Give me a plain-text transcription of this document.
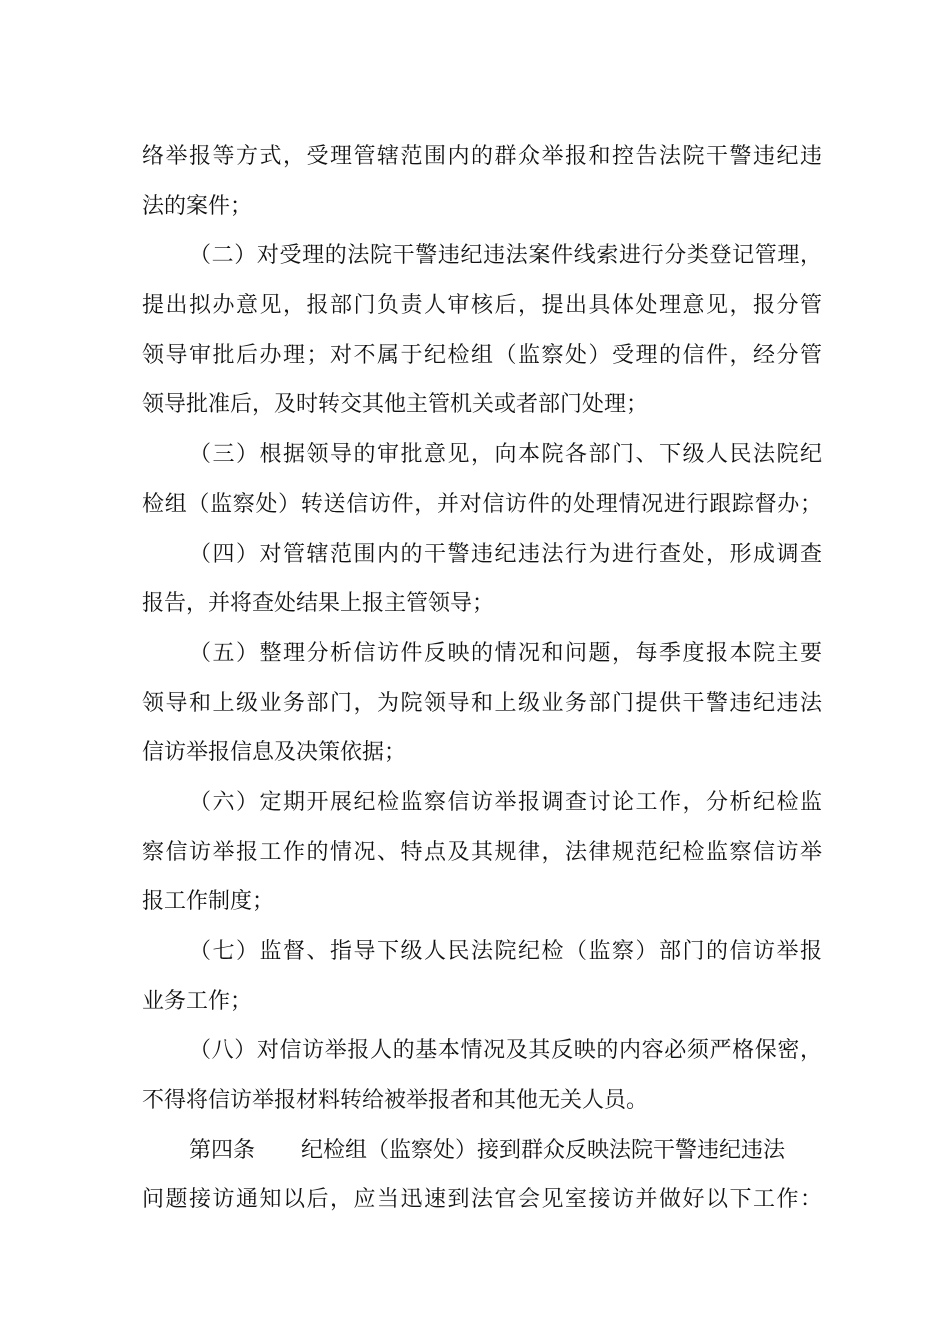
络举报等方式，受理管辖范围内的群众举报和控告法院干警违纪违
法的案件；
（二）对受理的法院干警违纪违法案件线索进行分类登记管理，
提出拟办意见，报部门负责人审核后，提出具体处理意见，报分管
领导审批后办理；对不属于纪检组（监察处）受理的信件，经分管
领导批准后，及时转交其他主管机关或者部门处理；
（三）根据领导的审批意见，向本院各部门、下级人民法院纪
检组（监察处）转送信访件，并对信访件的处理情况进行跟踪督办；
（四）对管辖范围内的干警违纪违法行为进行查处，形成调查
报告，并将查处结果上报主管领导；
（五）整理分析信访件反映的情况和问题，每季度报本院主要
领导和上级业务部门，为院领导和上级业务部门提供干警违纪违法
信访举报信息及决策依据；
（六）定期开展纪检监察信访举报调查讨论工作，分析纪检监
察信访举报工作的情况、特点及其规律，法律规范纪检监察信访举
报工作制度；
（七）监督、指导下级人民法院纪检（监察）部门的信访举报
业务工作；
（八）对信访举报人的基本情况及其反映的内容必须严格保密，
不得将信访举报材料转给被举报者和其他无关人员。
第四条 纪检组（监察处）接到群众反映法院干警违纪违法
问题接访通知以后，应当迅速到法官会见室接访并做好以下工作：
